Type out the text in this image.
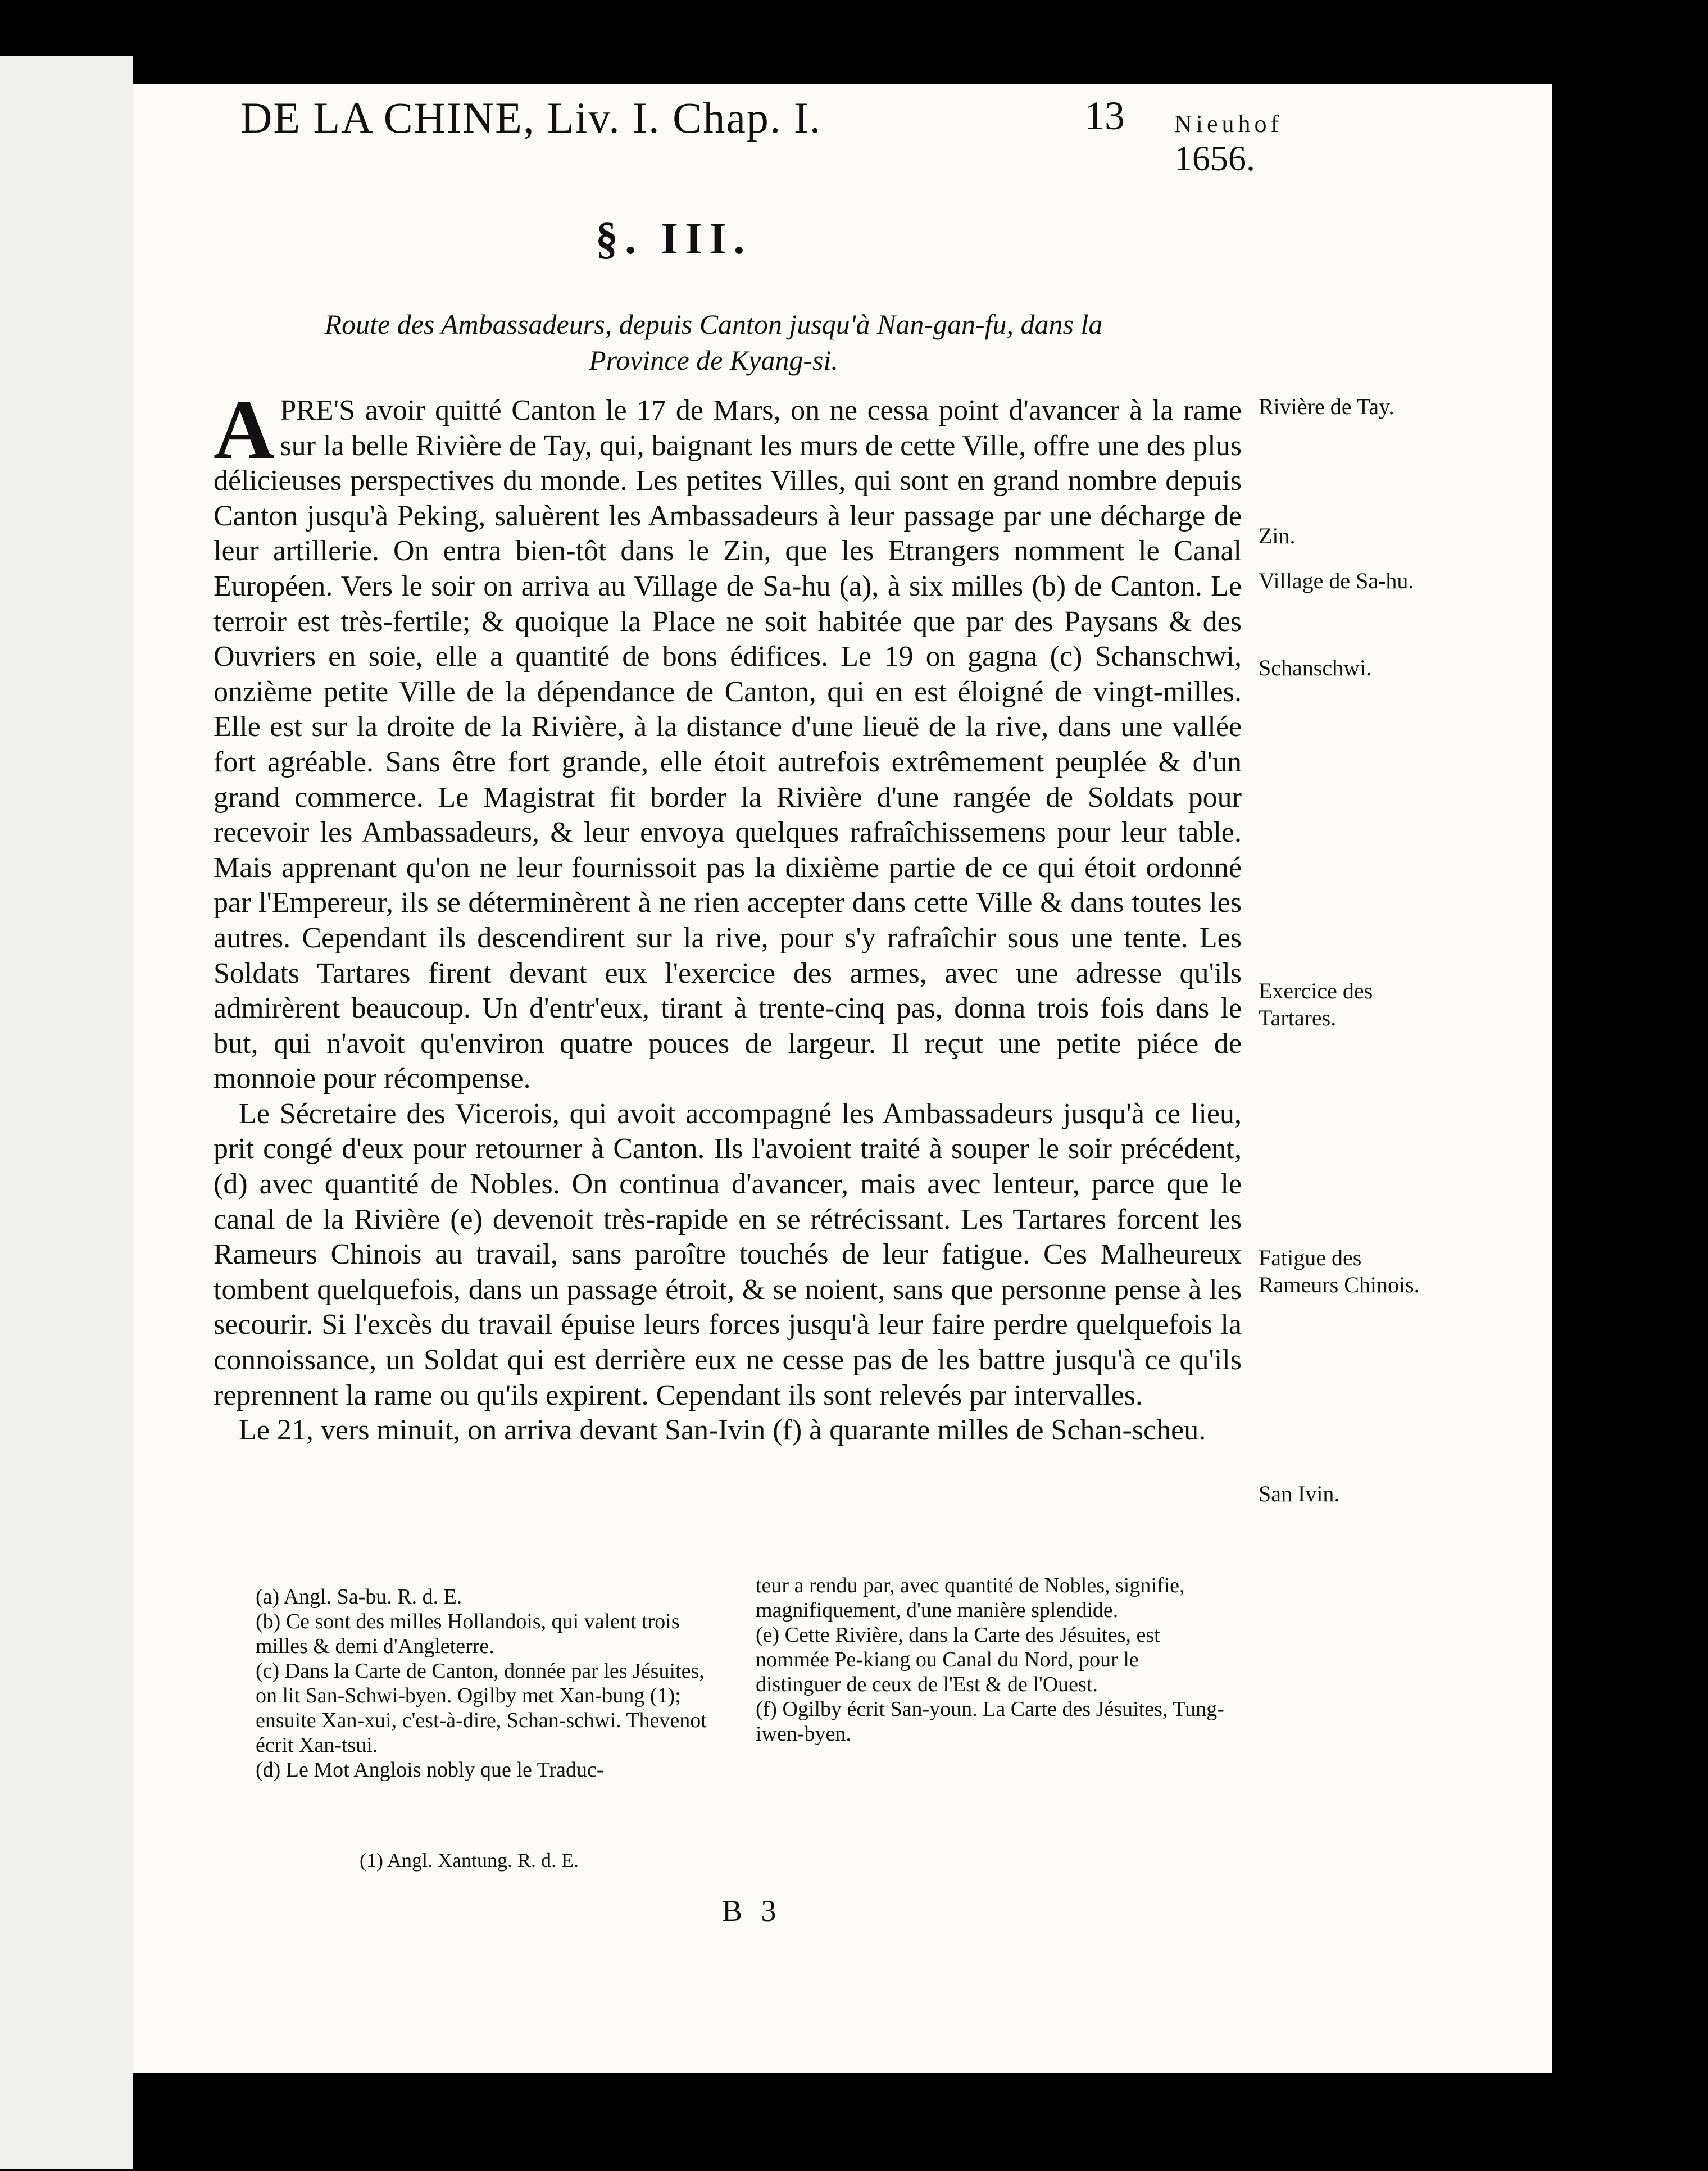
DE LA CHINE, Liv. I. Chap. I.	13 Nieuhof
1656.
§. III.
Route des Ambassadeurs, depuis Canton jusqu'à Nan-gan-fu, dans la Province de Kyang-si.

A PRE'S avoir quitté Canton le 17 de Mars, on ne cessa point d'avancer à la rame sur la belle Rivière de Tay, qui, baignant les murs de cette Ville, offre une des plus délicieuses perspectives du monde. Les petites Villes, qui sont en grand nombre depuis Canton jusqu'à Peking, saluèrent les Ambassadeurs à leur passage par une décharge de leur artillerie. On entra bien-tôt dans le Zin, que les Etrangers nomment le Canal Européen. Vers le soir on arriva au Village de Sa-hu (a), à six milles (b) de Canton. Le terroir est très-fertile; & quoique la Place ne soit habitée que par des Paysans & des Ouvriers en soie, elle a quantité de bons édifices. Le 19 on gagna (c) Schanschwi, onzième petite Ville de la dépendance de Canton, qui en est éloigné de vingt-milles. Elle est sur la droite de la Rivière, à la distance d'une lieuë de la rive, dans une vallée fort agréable. Sans être fort grande, elle étoit autrefois extrêmement peuplée & d'un grand commerce. Le Magistrat fit border la Rivière d'une rangée de Soldats pour recevoir les Ambassadeurs, & leur envoya quelques rafraîchissemens pour leur table. Mais apprenant qu'on ne leur fournissoit pas la dixième partie de ce qui étoit ordonné par l'Empereur, ils se déterminèrent à ne rien accepter dans cette Ville & dans toutes les autres. Cependant ils descendirent sur la rive, pour s'y rafraîchir sous une tente. Les Soldats Tartares firent devant eux l'exercice des armes, avec une adresse qu'ils admirèrent beaucoup. Un d'entr'eux, tirant à trente-cinq pas, donna trois fois dans le but, qui n'avoit qu'environ quatre pouces de largeur. Il reçut une petite piéce de monnoie pour récompense.

Le Sécretaire des Vicerois, qui avoit accompagné les Ambassadeurs jusqu'à ce lieu, prit congé d'eux pour retourner à Canton. Ils l'avoient traité à souper le soir précédent, (d) avec quantité de Nobles. On continua d'avancer, mais avec lenteur, parce que le canal de la Rivière (e) devenoit très-rapide en se rétrécissant. Les Tartares forcent les Rameurs Chinois au travail, sans paroître touchés de leur fatigue. Ces Malheureux tombent quelquefois, dans un passage étroit, & se noient, sans que personne pense à les secourir. Si l'excès du travail épuise leurs forces jusqu'à leur faire perdre quelquefois la connoissance, un Soldat qui est derrière eux ne cesse pas de les battre jusqu'à ce qu'ils reprennent la rame ou qu'ils expirent. Cependant ils sont relevés par intervalles.

Le 21, vers minuit, on arriva devant San-Ivin (f) à quarante milles de Schan-scheu.

Rivière de Tay.
Zin.
Village de Sa-hu.
Schanschwi.
Exercice des Tartares.
Fatigue des Rameurs Chinois.
San Ivin.

(a) Angl. Sa-bu. R. d. E.

(b) Ce sont des milles Hollandois, qui valent trois milles & demi d'Angleterre.

(c) Dans la Carte de Canton, donnée par les Jésuites, on lit San-Schwi-byen. Ogilby met Xan-bung (1); ensuite Xan-xui, c'est-à-dire, Schan-schwi. Thevenot écrit Xan-tsui.

(d) Le Mot Anglois nobly que le Traduc-

teur a rendu par, avec quantité de Nobles, signifie, magnifiquement, d'une manière splendide.

(e) Cette Rivière, dans la Carte des Jésuites, est nommée Pe-kiang ou Canal du Nord, pour le distinguer de ceux de l'Est & de l'Ouest.

(f) Ogilby écrit San-youn. La Carte des Jésuites, Tung-iwen-byen.

(1) Angl. Xantung. R. d. E.
B 3
